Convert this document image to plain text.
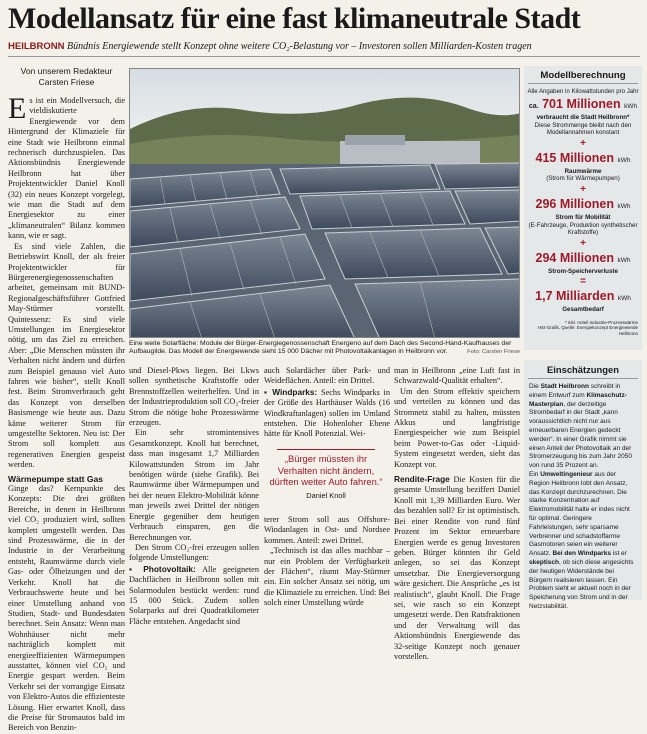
Modellansatz für eine fast klimaneutrale Stadt
HEILBRONN Bündnis Energiewende stellt Konzept ohne weitere CO₂-Belastung vor – Investoren sollen Milliarden-Kosten tragen
Von unserem Redakteur
Carsten Friese

Es ist ein Modellversuch, die vieldiskutierte Energiewende vor dem Hintergrund der Klimaziele für eine Stadt wie Heilbronn einmal rechnerisch durchzuspielen. Das Aktionsbündnis Energiewende Heilbronn hat über Projektentwickler Daniel Knoll (32) ein neues Konzept vorgelegt, wie man die Stadt auf dem Energiesektor zu einer „klimaneutralen“ Bilanz kommen kann, wie er sagt.

Es sind viele Zahlen, die Betriebswirt Knoll, der als freier Projektentwickler für Bürgerenergiegenossenschaften arbeitet, gemeinsam mit BUND-Regionalgeschäftsführer Gottfried May-Stürmer vorstellt. Quintessenz: Es sind viele Umstellungen im Energiesektor nötig, um das Ziel zu erreichen. Aber: „Die Menschen müssten ihr Verhalten nicht ändern und dürfen zum Beispiel genauso viel Auto fahren wie bisher“, stellt Knoll fest. Beim Stromverbrauch geht das Konzept von derselben Basismenge wie heute aus. Dazu käme weiterer Strom für umgestellte Sektoren. Neu ist: Der Strom soll komplett aus regenerativen Energien gespeist werden.

Wärmepumpe statt Gas

Ginge das? Kernpunkte des Konzepts: Die drei größten Bereiche, in denen in Heilbronn viel CO₂ produziert wird, sollten komplett umgestellt werden. Das sind Prozesswärme, die in der Industrie in der Verarbeitung entsteht, Raumwärme durch viele Gas- oder Ölheizungen und der Verkehr. Knoll hat die Verbrauchswerte heute und bei einer Umstellung anhand von Studien, Stadt- und Bundesdaten berechnet. Sein Ansatz: Wenn man Wohnhäuser nicht mehr nachträglich komplett mit energieeffizienten Wärmepumpen ausstattet, können viel CO₂ und Energie gespart werden. Beim Verkehr sei der vorrangige Einsatz von Elektro-Autos die effizienteste Lösung. Hier erwartet Knoll, dass die Preise für Stromautos bald im Bereich von Benzin-

Eine weite Solarfläche: Module der Bürger-Energiegenossenschaft Energeno auf dem Dach des Second-Hand-Kaufhauses der Aufbaugilde. Das Modell der Energiewende sieht 15 000 Dächer mit Photovoltaikanlagen in Heilbronn vor.	Foto: Carsten Friese

und Diesel-Pkws liegen. Bei Lkws sollen synthetische Kraftstoffe oder Brennstoffzellen weiterhelfen. Und in der Industrieproduktion soll CO₂-freier Strom die nötige hohe Prozesswärme erzeugen.

Ein sehr stromintensives Gesamtkonzept. Knoll hat berechnet, dass man insgesamt 1,7 Milliarden Kilowattstunden Strom im Jahr benötigen würde (siehe Grafik). Bei Raumwärme über Wärmepumpen und bei der neuen Elektro-Mobilität könne man jeweils zwei Drittel der nötigen Energie gegenüber dem heutigen Verbrauch einsparen, gen die Berechnungen vor.

Den Strom CO₂-frei erzeugen sollen folgende Umstellungen:

▪ Photovoltaik: Alle geeigneten Dachflächen in Heilbronn sollen mit Solarmodulen bestückt werden: rund 15 000 Stück. Zudem sollen Solarparks auf drei Quadratkilometer Fläche entstehen. Angedacht sind

auch Solardächer über Park- und Weideflächen. Anteil: ein Drittel.

▪ Windparks: Sechs Windparks in der Größe des Harthäuser Walds (16 Windkraftanlagen) sollen im Umland entstehen. Die Hohenloher Ebene hätte für Knoll Potenzial. Wei-

„Bürger müssten ihr Verhalten nicht ändern, dürften weiter Auto fahren.“
Daniel Knoll

terer Strom soll aus Offshore-Windanlagen in Ost- und Nordsee kommen. Anteil: zwei Drittel.

„Technisch ist das alles machbar – nur ein Problem der Verfügbarkeit der Flächen“, räumt May-Stürmer ein. Ein solcher Ansatz sei nötig, um die Klimaziele zu erreichen. Und: Bei solch einer Umstellung würde

man in Heilbronn „eine Luft fast in Schwarzwald-Qualität erhalten“.

Um den Strom effektiv speichern und verteilen zu können und das Stromnetz stabil zu halten, müssten Akkus und langfristige Energiespeicher wie zum Beispiel beim Power-to-Gas oder -Liquid-System eingesetzt werden, sieht das Konzept vor.

Rendite-Frage Die Kosten für die gesamte Umstellung beziffert Daniel Knoll mit 1,39 Milliarden Euro. Wer das bezahlen soll? Er ist optimistisch. Bei einer Rendite von rund fünf Prozent im Sektor erneuerbare Energien werde es genug Investoren geben. Bürger könnten ihr Geld anlegen, so sei das Konzept umsetzbar. Die Energieversorgung wäre gesichert. Die Ansprüche „es ist realistisch“, glaubt Knoll. Die Frage sei, wie rasch so ein Konzept umgesetzt werde. Den Ratsfraktionen und der Verwaltung will das Aktionsbündnis Energiewende das 32-seitige Konzept noch genauer vorstellen.

Modellberechnung
Alle Angaben in Kilowattstunden pro Jahr
ca. 701 Millionen kWh
verbraucht die Stadt Heilbronn*
Diese Strommenge bleibt nach den Modellannahmen konstant
+
415 Millionen kWh
Raumwärme
(Strom für Wärmepumpen)
+
296 Millionen kWh
Strom für Mobilität
(E-Fahrzeuge, Produktion synthetischer Kraftstoffe)
+
294 Millionen kWh
Strom-Speicherverluste
=
1,7 Milliarden kWh
Gesamtbedarf
* inkl. Anteil Industrie-Prozesswärme
HSt-Grafik, Quelle: Energiekonzept Energiewende Heilbronn
Einschätzungen

Die Stadt Heilbronn schreibt in einem Entwurf zum Klimaschutz-Masterplan, der derzeitige Strombedarf in der Stadt „kann voraussichtlich nicht nur aus erneuerbaren Energien gedeckt werden“. In einer Grafik nimmt sie einen Anteil der Photovoltaik an der Stromerzeugung bis zum Jahr 2050 von rund 35 Prozent an.

Ein Umweltingenieur aus der Region Heilbronn lobt den Ansatz, das Konzept durchzurechnen. Die starke Konzentration auf Elektromobilität halte er indes nicht für optimal. Geringere Fahrleistungen, sehr sparsame Verbrenner und schadstoffarme Gasmotoren seien ein weiterer Ansatz. Bei den Windparks ist er skeptisch, ob sich diese angesichts der heutigen Widerstände bei Bürgern realisieren lassen. Ein Problem sieht er aktuell noch in der Speicherung von Strom und in der Netzstabilität.
